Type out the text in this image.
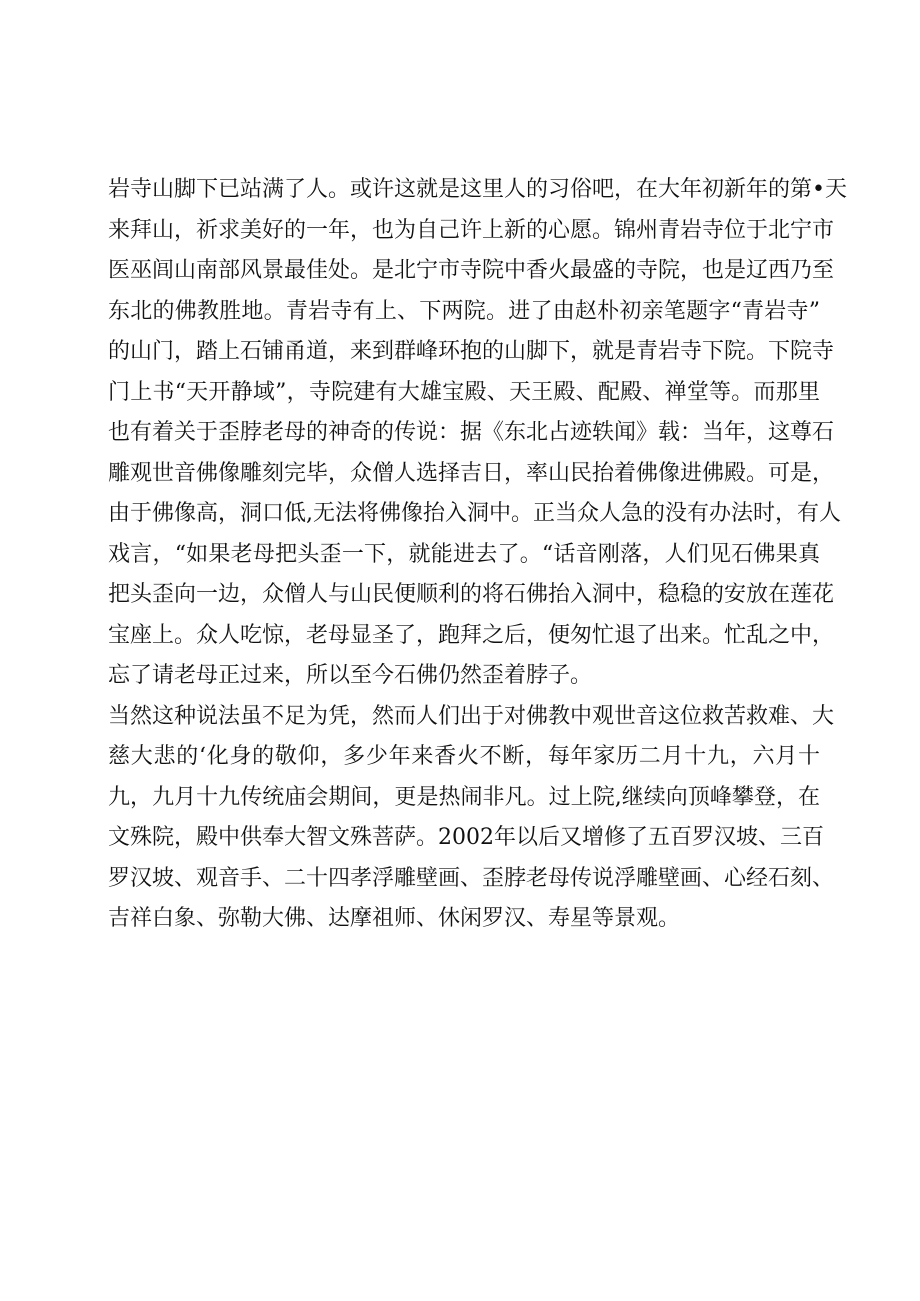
岩寺山脚下已站满了人。或许这就是这里人的习俗吧，在大年初新年的第•天
来拜山，祈求美好的一年，也为自己许上新的心愿。锦州青岩寺位于北宁市
医巫闾山南部风景最佳处。是北宁市寺院中香火最盛的寺院，也是辽西乃至
东北的佛教胜地。青岩寺有上、下两院。进了由赵朴初亲笔题字“青岩寺”
的山门，踏上石铺甬道，来到群峰环抱的山脚下，就是青岩寺下院。下院寺
门上书“天开静域”，寺院建有大雄宝殿、天王殿、配殿、禅堂等。而那里
也有着关于歪脖老母的神奇的传说：据《东北占迹轶闻》载：当年，这尊石
雕观世音佛像雕刻完毕，众僧人选择吉日，率山民抬着佛像进佛殿。可是，
由于佛像高，洞口低,无法将佛像抬入洞中。正当众人急的没有办法时，有人
戏言，“如果老母把头歪一下，就能进去了。“话音刚落，人们见石佛果真
把头歪向一边，众僧人与山民便顺利的将石佛抬入洞中，稳稳的安放在莲花
宝座上。众人吃惊，老母显圣了，跑拜之后，便匆忙退了出来。忙乱之中，
忘了请老母正过来，所以至今石佛仍然歪着脖子。
当然这种说法虽不足为凭，然而人们出于对佛教中观世音这位救苦救难、大
慈大悲的‘化身的敬仰，多少年来香火不断，每年家历二月十九，六月十
九，九月十九传统庙会期间，更是热闹非凡。过上院,继续向顶峰攀登，在
文殊院，殿中供奉大智文殊菩萨。2002年以后又增修了五百罗汉坡、三百
罗汉坡、观音手、二十四孝浮雕壁画、歪脖老母传说浮雕壁画、心经石刻、
吉祥白象、弥勒大佛、达摩祖师、休闲罗汉、寿星等景观。
